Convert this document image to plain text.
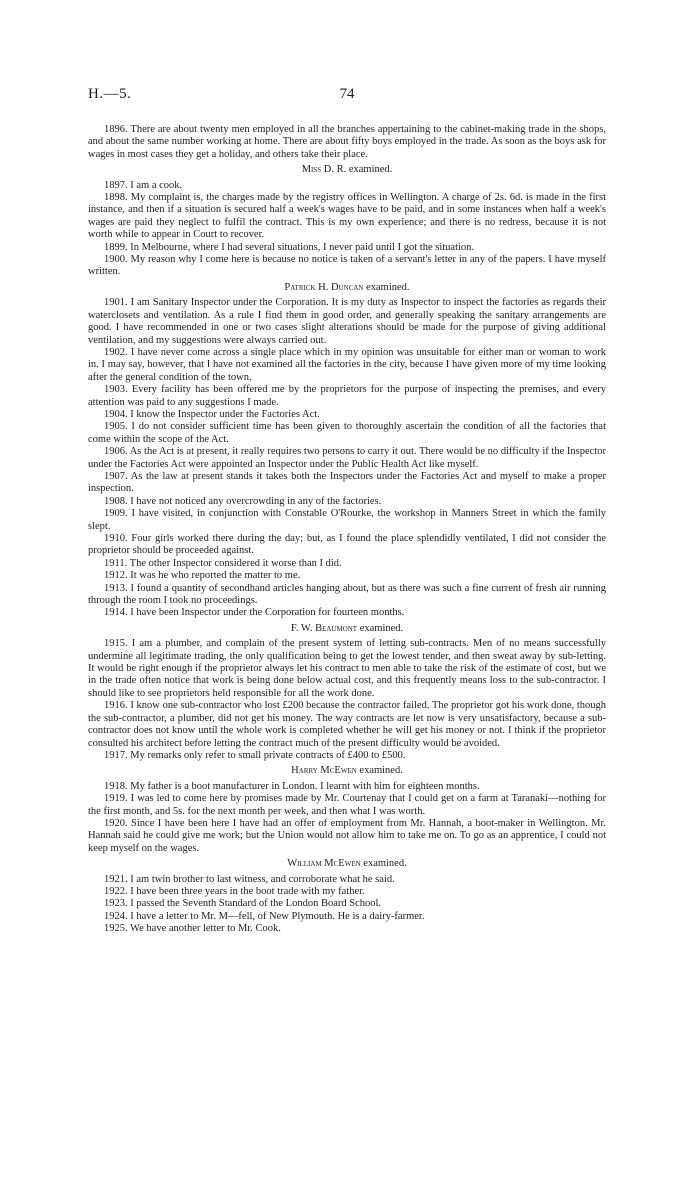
H.—5.	74

1896. There are about twenty men employed in all the branches appertaining to the cabinet-making trade in the shops, and about the same number working at home. There are about fifty boys employed in the trade. As soon as the boys ask for wages in most cases they get a holiday, and others take their place.

Miss D. R. examined.

1897. I am a cook.

1898. My complaint is, the charges made by the registry offices in Wellington. A charge of 2s. 6d. is made in the first instance, and then if a situation is secured half a week's wages have to be paid, and in some instances when half a week's wages are paid they neglect to fulfil the contract. This is my own experience; and there is no redress, because it is not worth while to appear in Court to recover.

1899. In Melbourne, where I had several situations, I never paid until I got the situation.

1900. My reason why I come here is because no notice is taken of a servant's letter in any of the papers. I have myself written.

Patrick H. Duncan examined.

1901. I am Sanitary Inspector under the Corporation. It is my duty as Inspector to inspect the factories as regards their waterclosets and ventilation. As a rule I find them in good order, and generally speaking the sanitary arrangements are good. I have recommended in one or two cases slight alterations should be made for the purpose of giving additional ventilation, and my suggestions were always carried out.

1902. I have never come across a single place which in my opinion was unsuitable for either man or woman to work in. I may say, however, that I have not examined all the factories in the city, because I have given more of my time looking after the general condition of the town.

1903. Every facility has been offered me by the proprietors for the purpose of inspecting the premises, and every attention was paid to any suggestions I made.

1904. I know the Inspector under the Factories Act.

1905. I do not consider sufficient time has been given to thoroughly ascertain the condition of all the factories that come within the scope of the Act.

1906. As the Act is at present, it really requires two persons to carry it out. There would be no difficulty if the Inspector under the Factories Act were appointed an Inspector under the Public Health Act like myself.

1907. As the law at present stands it takes both the Inspectors under the Factories Act and myself to make a proper inspection.

1908. I have not noticed any overcrowding in any of the factories.

1909. I have visited, in conjunction with Constable O'Rourke, the workshop in Manners Street in which the family slept.

1910. Four girls worked there during the day; but, as I found the place splendidly ventilated, I did not consider the proprietor should be proceeded against.

1911. The other Inspector considered it worse than I did.

1912. It was he who reported the matter to me.

1913. I found a quantity of secondhand articles hanging about, but as there was such a fine current of fresh air running through the room I took no proceedings.

1914. I have been Inspector under the Corporation for fourteen months.

F. W. Beaumont examined.

1915. I am a plumber, and complain of the present system of letting sub-contracts. Men of no means successfully undermine all legitimate trading, the only qualification being to get the lowest tender, and then sweat away by sub-letting. It would be right enough if the proprietor always let his contract to men able to take the risk of the estimate of cost, but we in the trade often notice that work is being done below actual cost, and this frequently means loss to the sub-contractor. I should like to see proprietors held responsible for all the work done.

1916. I know one sub-contractor who lost £200 because the contractor failed. The proprietor got his work done, though the sub-contractor, a plumber, did not get his money. The way contracts are let now is very unsatisfactory, because a sub-contractor does not know until the whole work is completed whether he will get his money or not. I think if the proprietor consulted his architect before letting the contract much of the present difficulty would be avoided.

1917. My remarks only refer to small private contracts of £400 to £500.

Harry McEwen examined.

1918. My father is a boot manufacturer in London. I learnt with him for eighteen months.

1919. I was led to come here by promises made by Mr. Courtenay that I could get on a farm at Taranaki—nothing for the first month, and 5s. for the next month per week, and then what I was worth.

1920. Since I have been here I have had an offer of employment from Mr. Hannah, a boot-maker in Wellington. Mr. Hannah said he could give me work; but the Union would not allow him to take me on. To go as an apprentice, I could not keep myself on the wages.

William McEwen examined.

1921. I am twin brother to last witness, and corroborate what he said.

1922. I have been three years in the boot trade with my father.

1923. I passed the Seventh Standard of the London Board School.

1924. I have a letter to Mr. M—fell, of New Plymouth. He is a dairy-farmer.

1925. We have another letter to Mr. Cook.
